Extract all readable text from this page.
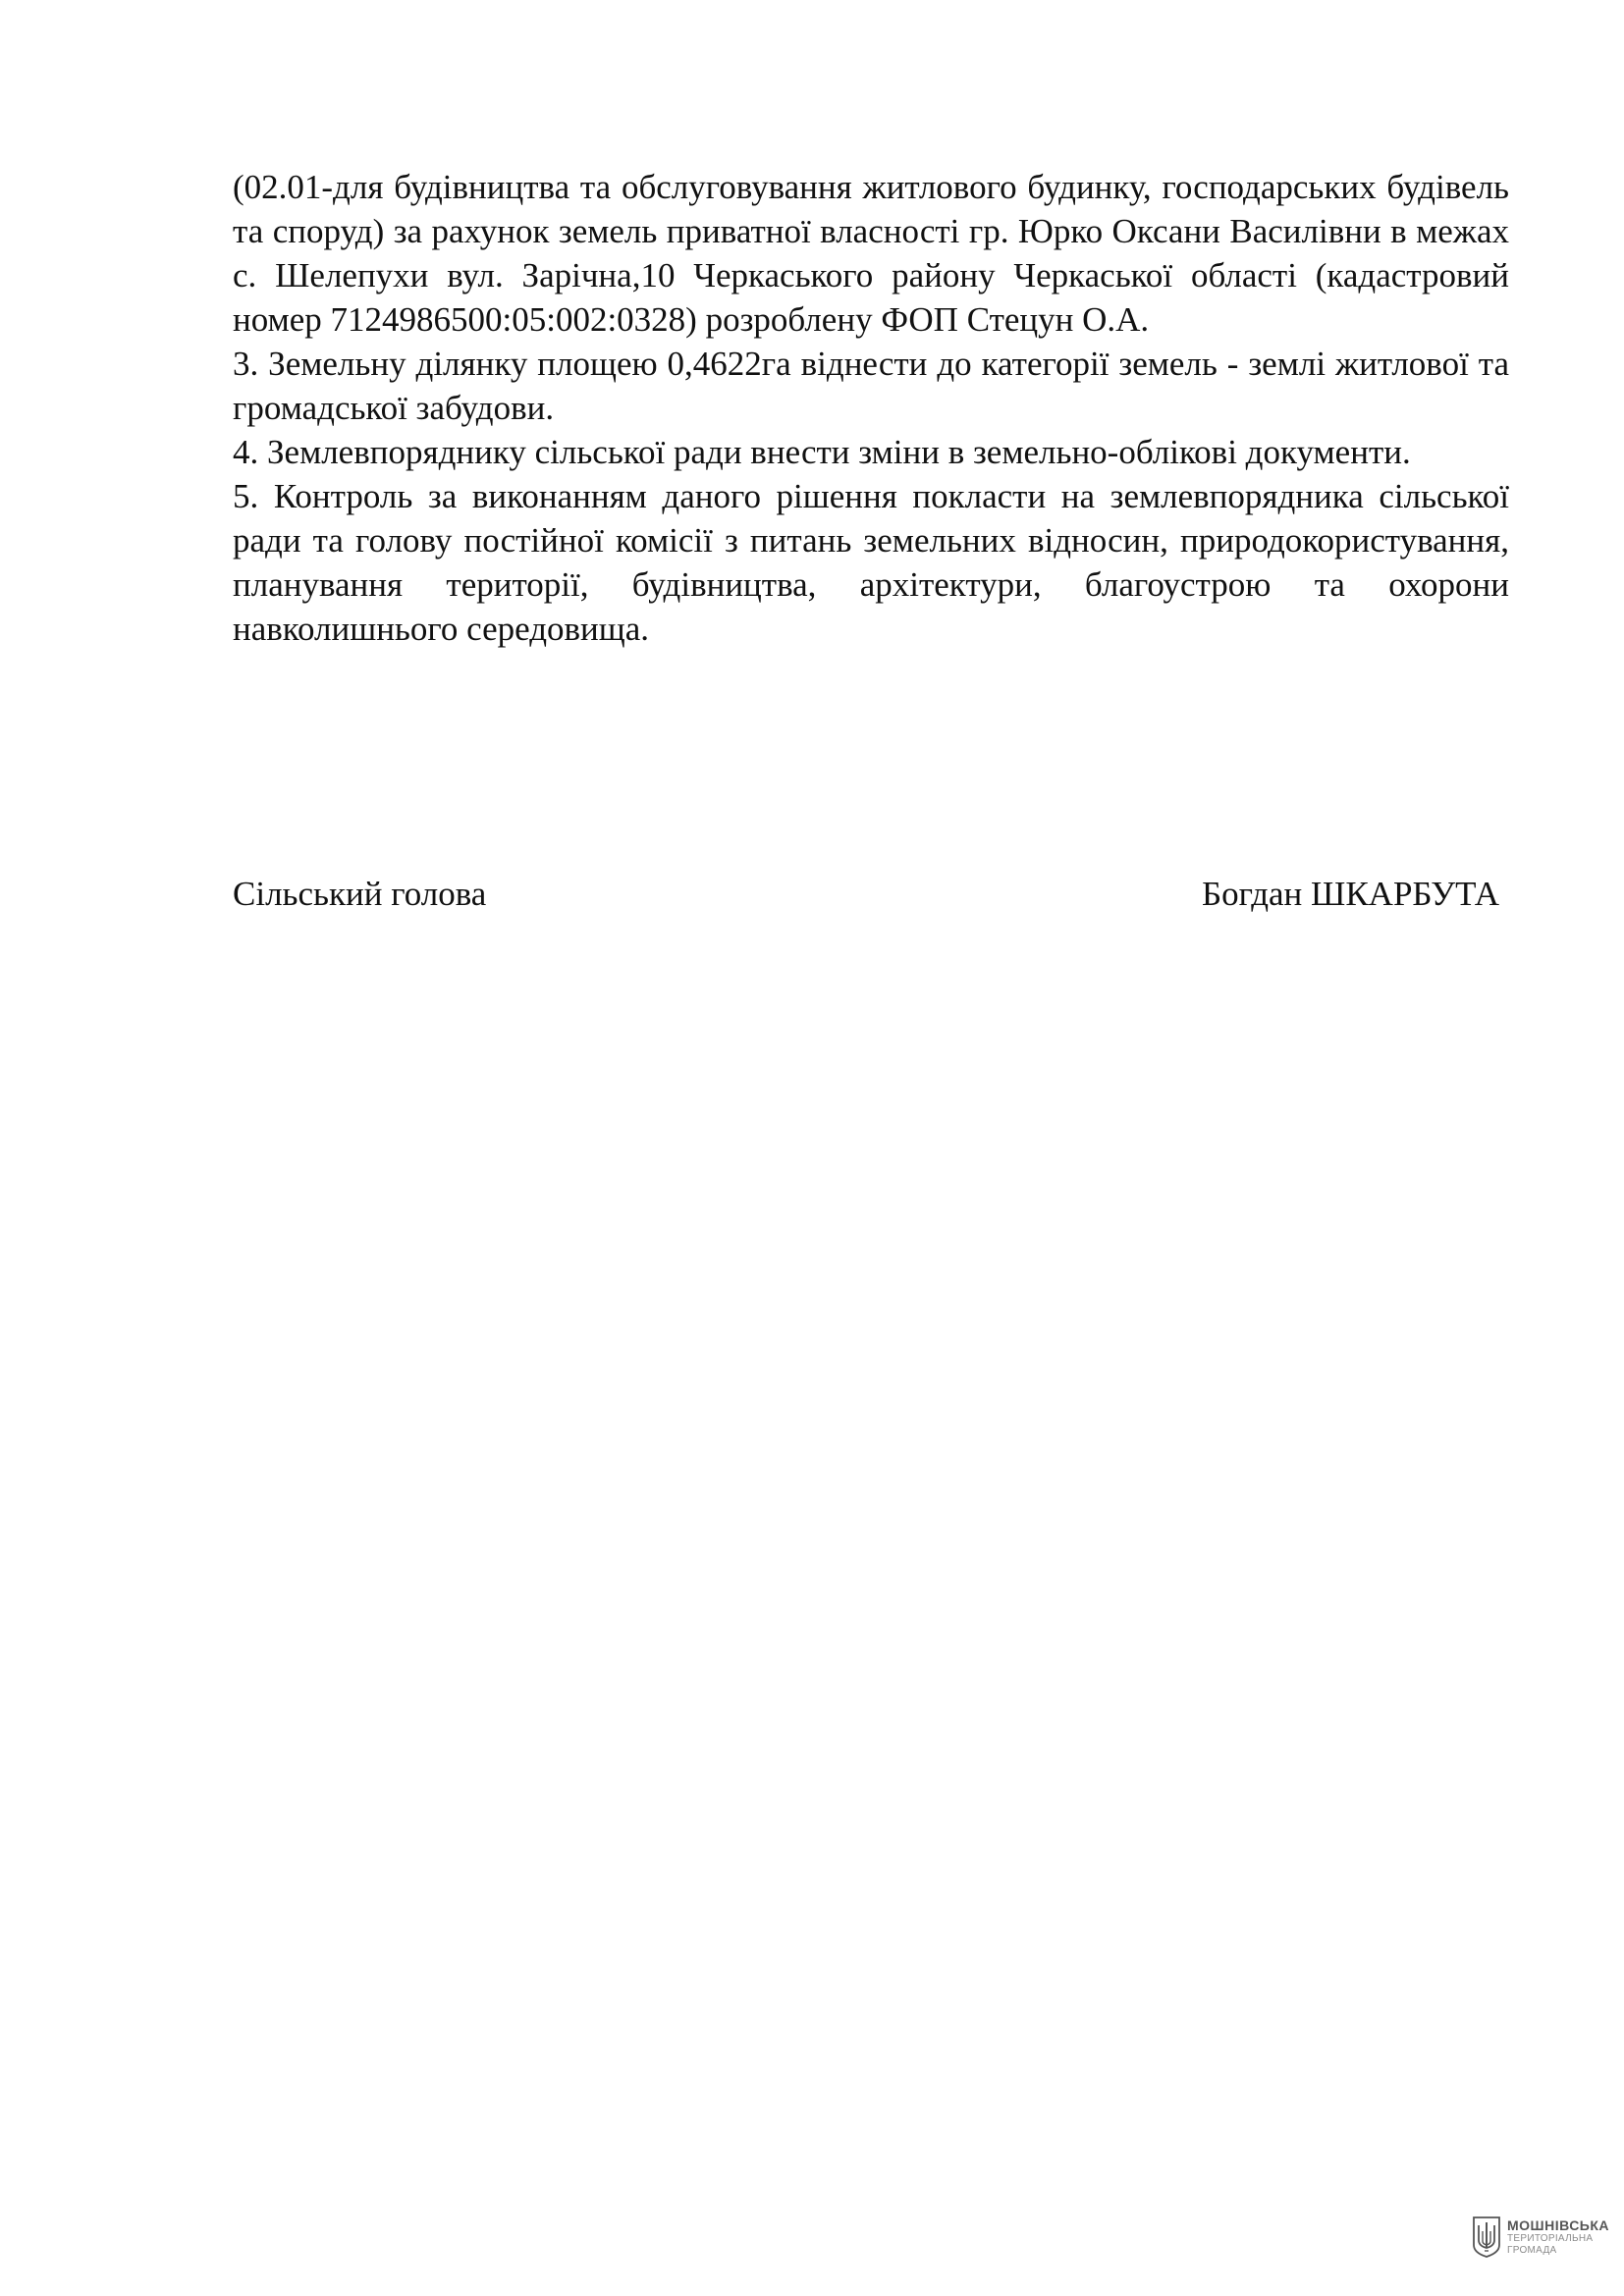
(02.01-для будівництва та обслуговування житлового будинку, господарських будівель та споруд) за рахунок земель приватної власності гр. Юрко Оксани Василівни в межах с. Шелепухи вул. Зарічна,10 Черкаського району Черкаської області (кадастровий номер 7124986500:05:002:0328) розроблену ФОП Стецун О.А.

3. Земельну ділянку площею 0,4622га віднести до категорії земель - землі житлової та громадської забудови.

4. Землевпоряднику сільської ради внести зміни в земельно-облікові документи.

5. Контроль за виконанням даного рішення покласти на землевпорядника сільської ради та голову постійної комісії з питань земельних відносин, природокористування, планування території, будівництва, архітектури, благоустрою та охорони навколишнього середовища.

Сільський голова	Богдан ШКАРБУТА
МОШНІВСЬКА
ТЕРИТОРІАЛЬНА
ГРОМАДА
